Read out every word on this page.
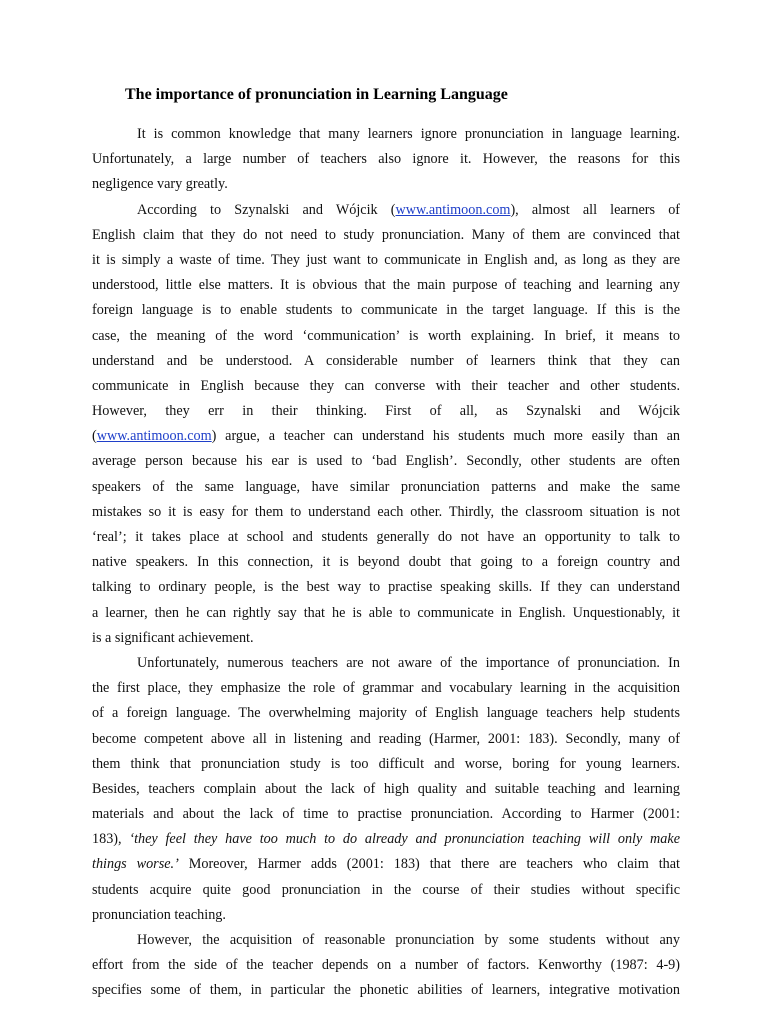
The importance of pronunciation in Learning Language
It is common knowledge that many learners ignore pronunciation in language learning.
Unfortunately, a large number of teachers also ignore it. However, the reasons for this
negligence vary greatly.
According to Szynalski and Wójcik (www.antimoon.com), almost all learners of
English claim that they do not need to study pronunciation. Many of them are convinced that
it is simply a waste of time. They just want to communicate in English and, as long as they are
understood, little else matters. It is obvious that the main purpose of teaching and learning any
foreign language is to enable students to communicate in the target language. If this is the
case, the meaning of the word ‘communication’ is worth explaining. In brief, it means to
understand and be understood. A considerable number of learners think that they can
communicate in English because they can converse with their teacher and other students.
However, they err in their thinking. First of all, as Szynalski and Wójcik
(www.antimoon.com) argue, a teacher can understand his students much more easily than an
average person because his ear is used to ‘bad English’. Secondly, other students are often
speakers of the same language, have similar pronunciation patterns and make the same
mistakes so it is easy for them to understand each other. Thirdly, the classroom situation is not
‘real’; it takes place at school and students generally do not have an opportunity to talk to
native speakers. In this connection, it is beyond doubt that going to a foreign country and
talking to ordinary people, is the best way to practise speaking skills. If they can understand
a learner, then he can rightly say that he is able to communicate in English. Unquestionably, it
is a significant achievement.
Unfortunately, numerous teachers are not aware of the importance of pronunciation. In
the first place, they emphasize the role of grammar and vocabulary learning in the acquisition
of a foreign language. The overwhelming majority of English language teachers help students
become competent above all in listening and reading (Harmer, 2001: 183). Secondly, many of
them think that pronunciation study is too difficult and worse, boring for young learners.
Besides, teachers complain about the lack of high quality and suitable teaching and learning
materials and about the lack of time to practise pronunciation. According to Harmer (2001:
183), ‘they feel they have too much to do already and pronunciation teaching will only make
things worse.’ Moreover, Harmer adds (2001: 183) that there are teachers who claim that
students acquire quite good pronunciation in the course of their studies without specific
pronunciation teaching.
However, the acquisition of reasonable pronunciation by some students without any
effort from the side of the teacher depends on a number of factors. Kenworthy (1987: 4-9)
specifies some of them, in particular the phonetic abilities of learners, integrative motivation
